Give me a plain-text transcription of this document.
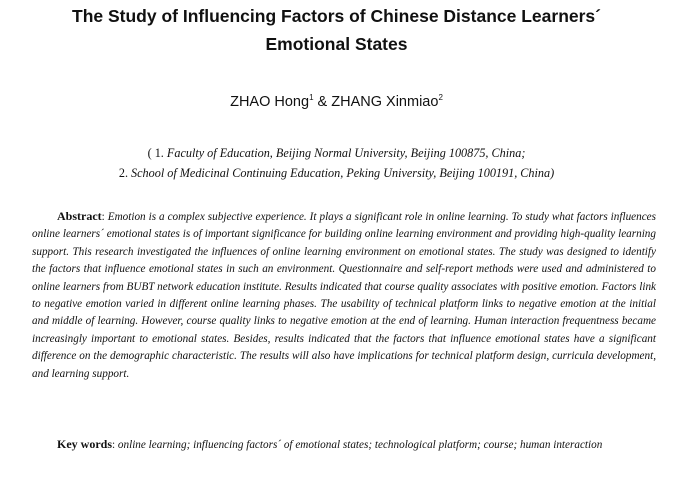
The Study of Influencing Factors of Chinese Distance Learners´
Emotional States
ZHAO Hong$^1$ & ZHANG Xinmiao$^2$
( 1. Faculty of Education, Beijing Normal University, Beijing 100875, China;
2. School of Medicinal Continuing Education, Peking University, Beijing 100191, China)

Abstract: Emotion is a complex subjective experience. It plays a significant role in online learning. To study what factors influences online learners´ emotional states is of important significance for building online learning environment and providing high-quality learning support. This research investigated the influences of online learning environment on emotional states. The study was designed to identify the factors that influence emotional states in such an environment. Questionnaire and self-report methods were used and administered to online learners from BUBT network education institute. Results indicated that course quality associates with positive emotion. Factors link to negative emotion varied in different online learning phases. The usability of technical platform links to negative emotion at the initial and middle of learning. However, course quality links to negative emotion at the end of learning. Human interaction frequentness became increasingly important to emotional states. Besides, results indicated that the factors that influence emotional states have a significant difference on the demographic characteristic. The results will also have implications for technical platform design, curricula development, and learning support.

Key words: online learning; influencing factors´ of emotional states; technological platform; course; human interaction
